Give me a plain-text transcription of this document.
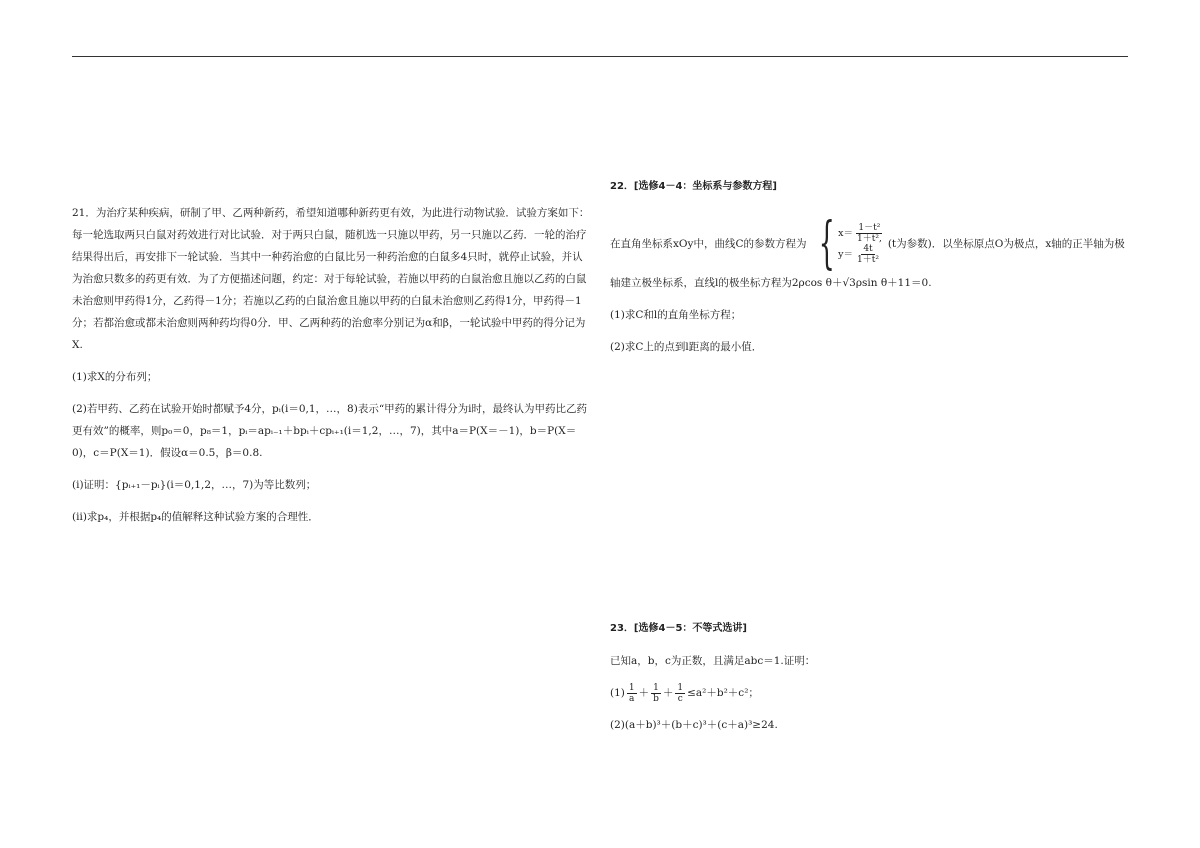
21．为治疗某种疾病，研制了甲、乙两种新药，希望知道哪种新药更有效，为此进行动物试验．试验方案如下：每一轮选取两只白鼠对药效进行对比试验．对于两只白鼠，随机选一只施以甲药，另一只施以乙药．一轮的治疗结果得出后，再安排下一轮试验．当其中一种药治愈的白鼠比另一种药治愈的白鼠多4只时，就停止试验，并认为治愈只数多的药更有效．为了方便描述问题，约定：对于每轮试验，若施以甲药的白鼠治愈且施以乙药的白鼠未治愈则甲药得1分，乙药得－1分；若施以乙药的白鼠治愈且施以甲药的白鼠未治愈则乙药得1分，甲药得－1分；若都治愈或都未治愈则两种药均得0分．甲、乙两种药的治愈率分别记为α和β，一轮试验中甲药的得分记为X.

(1)求X的分布列；

(2)若甲药、乙药在试验开始时都赋予4分，pᵢ(i＝0,1，…，8)表示“甲药的累计得分为i时，最终认为甲药比乙药更有效”的概率，则p₀＝0，p₈＝1，pᵢ＝apᵢ₋₁＋bpᵢ＋cpᵢ₊₁(i＝1,2，…，7)，其中a＝P(X＝－1)，b＝P(X＝0)，c＝P(X＝1)．假设α＝0.5，β＝0.8.

(ⅰ)证明：{pᵢ₊₁－pᵢ}(i＝0,1,2，…，7)为等比数列；

(ⅱ)求p₄，并根据p₄的值解释这种试验方案的合理性．

22．[选修4－4：坐标系与参数方程]

在直角坐标系xOy中，曲线C的参数方程为 { $x= \frac{\text{1－t²}}{\text{1＋t²,}}$
$y= \frac{4t}{\text{1＋t²}} (t$为参数)．以坐标原点O为极点，x轴的正半轴为极

轴建立极坐标系，直线l的极坐标方程为2ρcos θ＋√3ρsin θ＋11＝0.

(1)求C和l的直角坐标方程；

(2)求C上的点到l距离的最小值．

23．[选修4－5：不等式选讲]

已知a，b，c为正数，且满足abc＝1.证明：

$(1) \frac{1}{a} + \frac{1}{b} + \frac{1}{c} \le a^2+b^2+c^2$；

(2)(a＋b)³＋(b＋c)³＋(c＋a)³≥24.
